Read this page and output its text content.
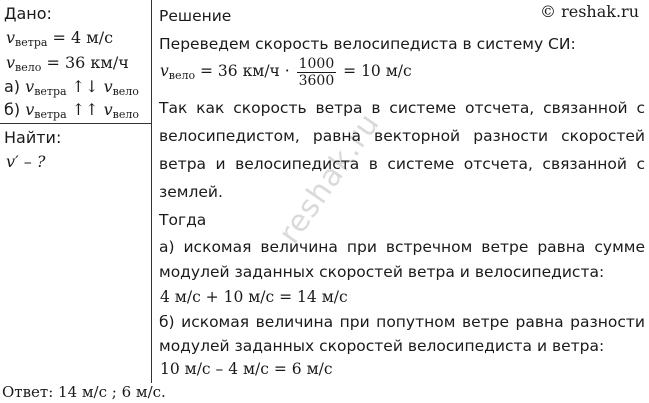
reshak.ru
Дано:
$v_{ветра} = 4$ м/с
$v_{вело} = 36$ км/ч
а) $v_{ветра}$ ↑↓ $v_{вело}$
б) $v_{ветра}$ ↑↑ $v_{вело}$
Найти:
v′ – ?
© reshak.ru
Решение
Переведем скорость велосипедиста в систему СИ:
$v_{вело} = 36$ $км/ч \cdot \frac{1000}{3600} = 10$ м/с
Так как скорость ветра в системе отсчета, связанной с
велосипедистом, равна векторной разности скоростей
ветра и велосипедиста в системе отсчета, связанной с
землей.
Тогда
а) искомая величина при встречном ветре равна сумме
модулей заданных скоростей ветра и велосипедиста:
4 м/с + 10 м/с = 14 м/с
б) искомая величина при попутном ветре равна разности
модулей заданных скоростей велосипедиста и ветра:
10 м/с – 4 м/с = 6 м/с
Ответ: 14 м/с ; 6 м/с.
